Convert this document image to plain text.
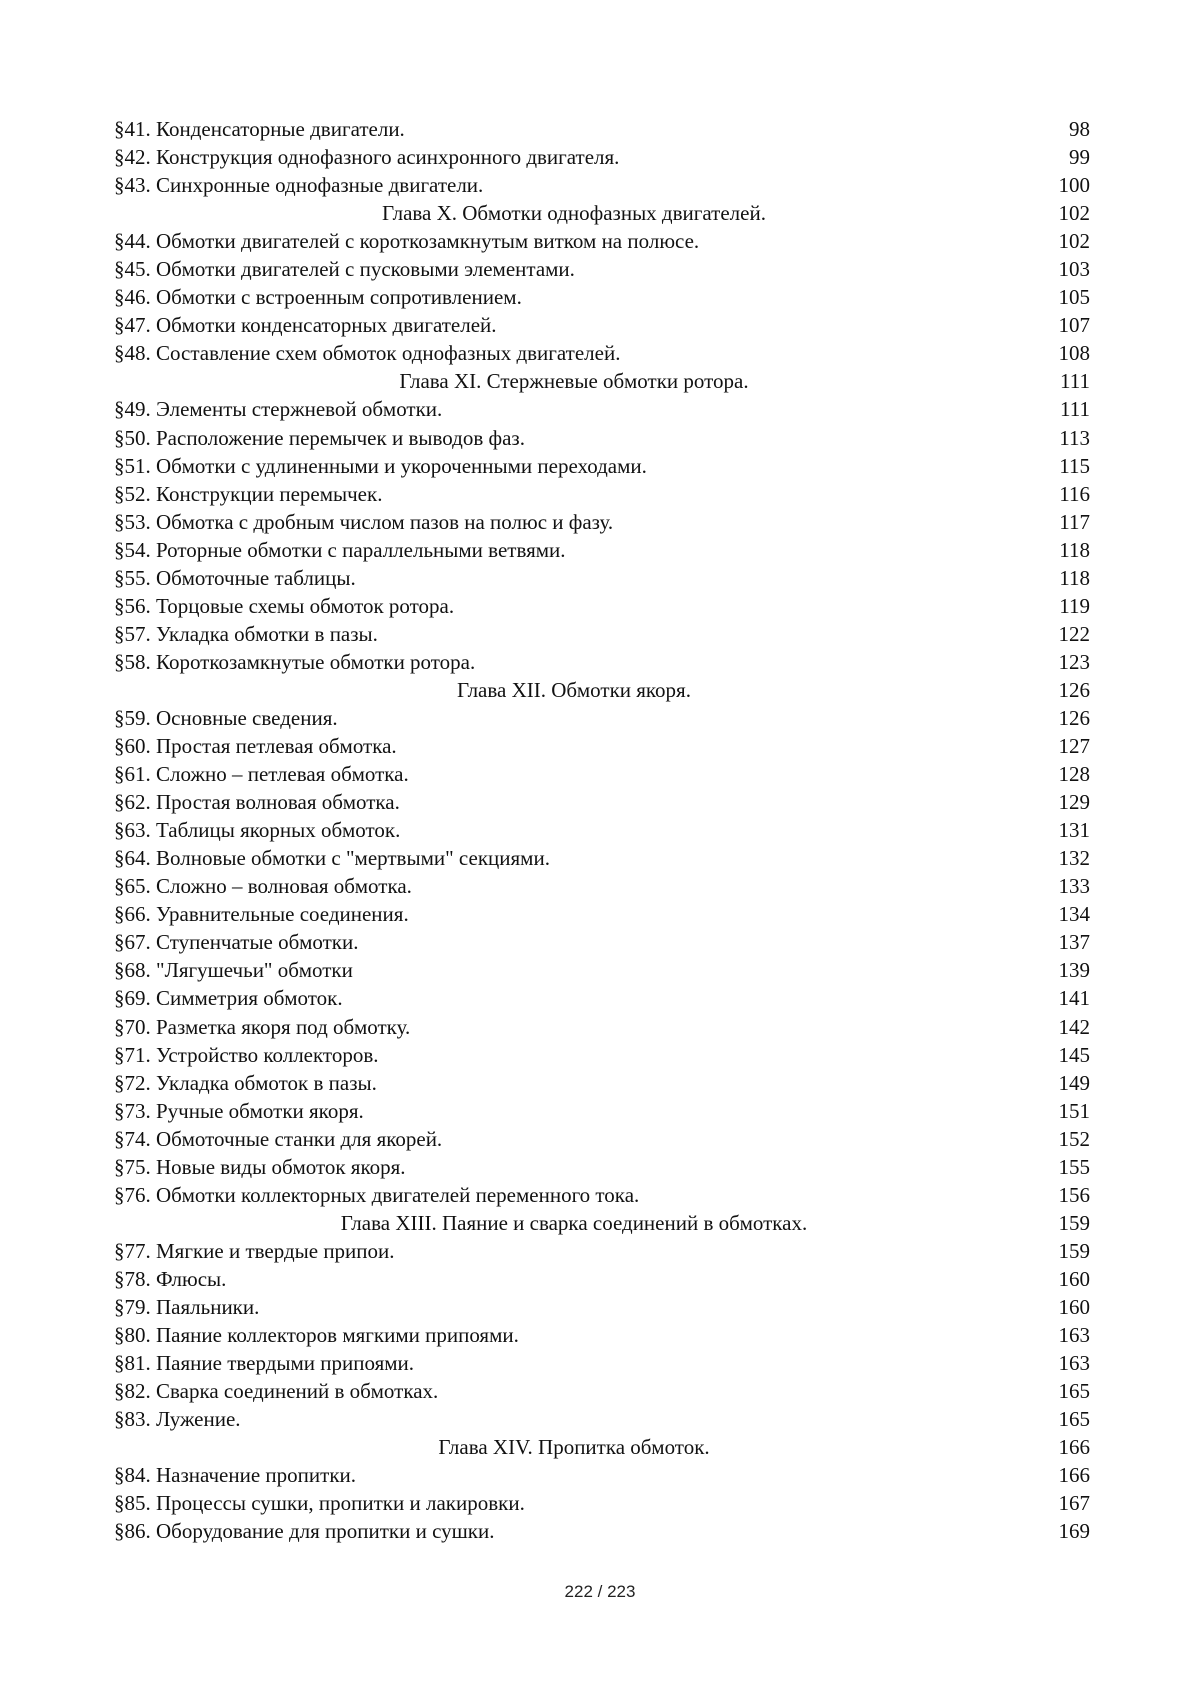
§41. Конденсаторные двигатели.	98
§42. Конструкция однофазного асинхронного двигателя.	99
§43. Синхронные однофазные двигатели.	100
Глава X. Обмотки однофазных двигателей.	102
§44. Обмотки двигателей с короткозамкнутым витком на полюсе.	102
§45. Обмотки двигателей с пусковыми элементами.	103
§46. Обмотки с встроенным сопротивлением.	105
§47. Обмотки конденсаторных двигателей.	107
§48. Составление схем обмоток однофазных двигателей.	108
Глава XI. Стержневые обмотки ротора.	111
§49. Элементы стержневой обмотки.	111
§50. Расположение перемычек и выводов фаз.	113
§51. Обмотки с удлиненными и укороченными переходами.	115
§52. Конструкции перемычек.	116
§53. Обмотка с дробным числом пазов на полюс и фазу.	117
§54. Роторные обмотки с параллельными ветвями.	118
§55. Обмоточные таблицы.	118
§56. Торцовые схемы обмоток ротора.	119
§57. Укладка обмотки в пазы.	122
§58. Короткозамкнутые обмотки ротора.	123
Глава XII. Обмотки якоря.	126
§59. Основные сведения.	126
§60. Простая петлевая обмотка.	127
§61. Сложно – петлевая обмотка.	128
§62. Простая волновая обмотка.	129
§63. Таблицы якорных обмоток.	131
§64. Волновые обмотки с "мертвыми" секциями.	132
§65. Сложно – волновая обмотка.	133
§66. Уравнительные соединения.	134
§67. Ступенчатые обмотки.	137
§68. "Лягушечьи" обмотки	139
§69. Симметрия обмоток.	141
§70. Разметка якоря под обмотку.	142
§71. Устройство коллекторов.	145
§72. Укладка обмоток в пазы.	149
§73. Ручные обмотки якоря.	151
§74. Обмоточные станки для якорей.	152
§75. Новые виды обмоток якоря.	155
§76. Обмотки коллекторных двигателей переменного тока.	156
Глава XIII. Паяние и сварка соединений в обмотках.	159
§77. Мягкие и твердые припои.	159
§78. Флюсы.	160
§79. Паяльники.	160
§80. Паяние коллекторов мягкими припоями.	163
§81. Паяние твердыми припоями.	163
§82. Сварка соединений в обмотках.	165
§83. Лужение.	165
Глава XIV. Пропитка обмоток.	166
§84. Назначение пропитки.	166
§85. Процессы сушки, пропитки и лакировки.	167
§86. Оборудование для пропитки и сушки.	169
222 / 223
